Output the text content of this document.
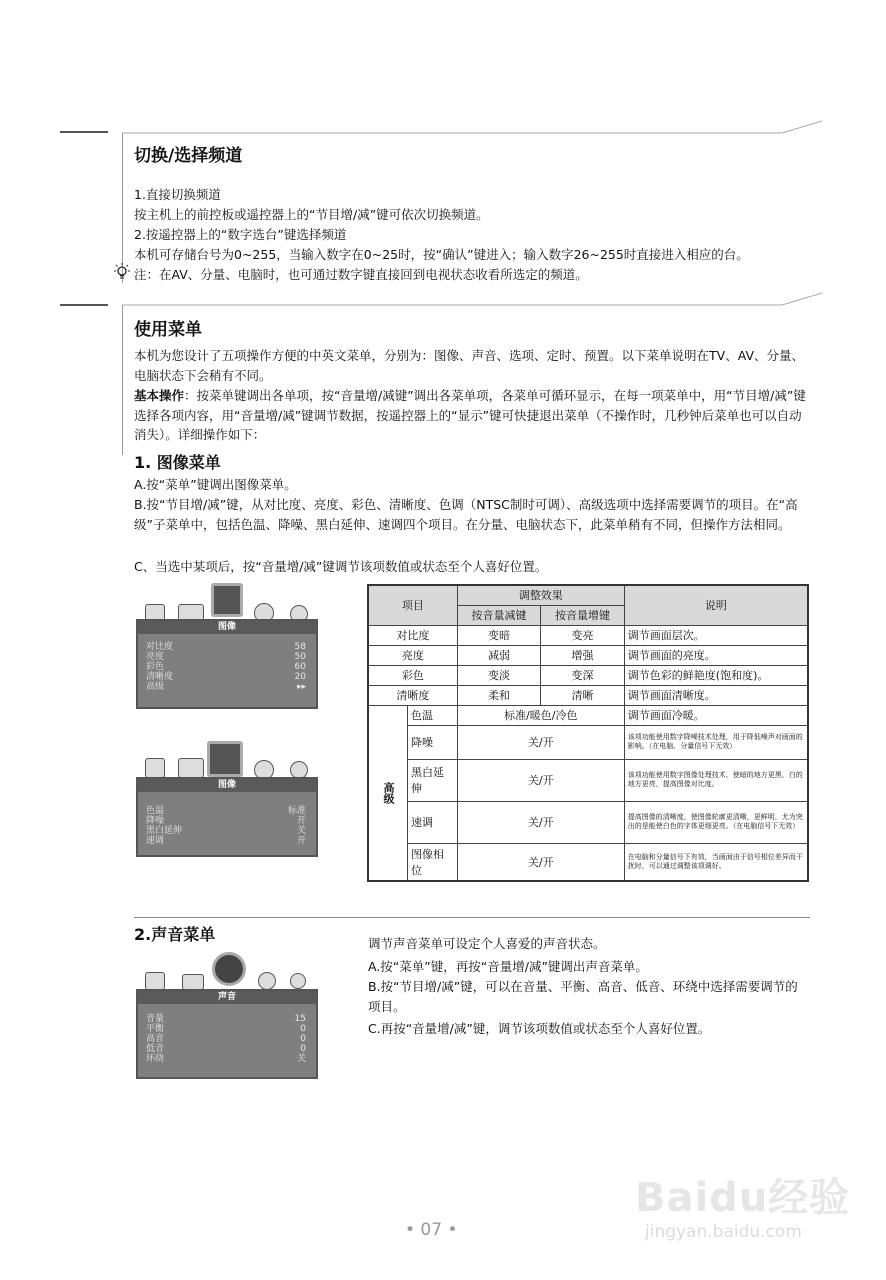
切换/选择频道
1.直接切换频道
按主机上的前控板或遥控器上的“节目增/减”键可依次切换频道。
2.按遥控器上的“数字选台”键选择频道
本机可存储台号为0~255，当输入数字在0~25时，按“确认”键进入；输入数字26~255时直接进入相应的台。
注：在AV、分量、电脑时，也可通过数字键直接回到电视状态收看所选定的频道。
使用菜单
本机为您设计了五项操作方便的中英文菜单，分别为：图像、声音、选项、定时、预置。以下菜单说明在TV、AV、分量、电脑状态下会稍有不同。
基本操作：按菜单键调出各单项，按“音量增/减键”调出各菜单项，各菜单可循环显示，在每一项菜单中，用“节目增/减”键选择各项内容，用“音量增/减”键调节数据，按遥控器上的“显示”键可快捷退出菜单（不操作时，几秒钟后菜单也可以自动消失）。详细操作如下：
1. 图像菜单
A.按“菜单”键调出图像菜单。
B.按“节目增/减”键，从对比度、亮度、彩色、清晰度、色调（NTSC制时可调）、高级选项中选择需要调节的项目。在“高级”子菜单中，包括色温、降噪、黑白延伸、速调四个项目。在分量、电脑状态下，此菜单稍有不同，但操作方法相同。
C、当选中某项后，按“音量增/减”键调节该项数值或状态至个人喜好位置。
图像
对比度	58
亮度	50
彩色	60
清晰度	20
高级	▸▸
图像
色温	标准
降噪	开
黑白延伸	关
速调	开
项目		调整效果		说明
		按音量减键	按音量增键	
对比度		变暗	变亮	调节画面层次。
亮度		减弱	增强	调节画面的亮度。
彩色		变淡	变深	调节色彩的鲜艳度(饱和度)。
清晰度		柔和	清晰	调节画面清晰度。
高级	色温	标准/暖色/冷色		调节画面冷暖。
	降噪	关/开		该项功能使用数字降噪技术处理，用于降低噪声对画面的影响。（在电脑、分量信号下无效）
	黑白延伸	关/开		该项功能使用数字图像处理技术，使暗的地方更黑，白的地方更亮，提高图像对比度。
	速调	关/开		提高图像的清晰度，使图像轮廓更清晰，更鲜明，尤为突出的是能使白色的字体更细更亮。（在电脑信号下无效）
	图像相位	关/开		在电脑和分量信号下有效，当画面由于信号相位差异而干扰时，可以通过调整该项调好。
2.声音菜单	调节声音菜单可设定个人喜爱的声音状态。
A.按“菜单”键，再按“音量增/减”键调出声音菜单。
B.按“节目增/减”键，可以在音量、平衡、高音、低音、环绕中选择需要调节的项目。
C.再按“音量增/减”键，调节该项数值或状态至个人喜好位置。
声音
音量	15
平衡	0
高音	0
低音	0
环绕	关
Baidu经验
jingyan.baidu.com
• 07 •
